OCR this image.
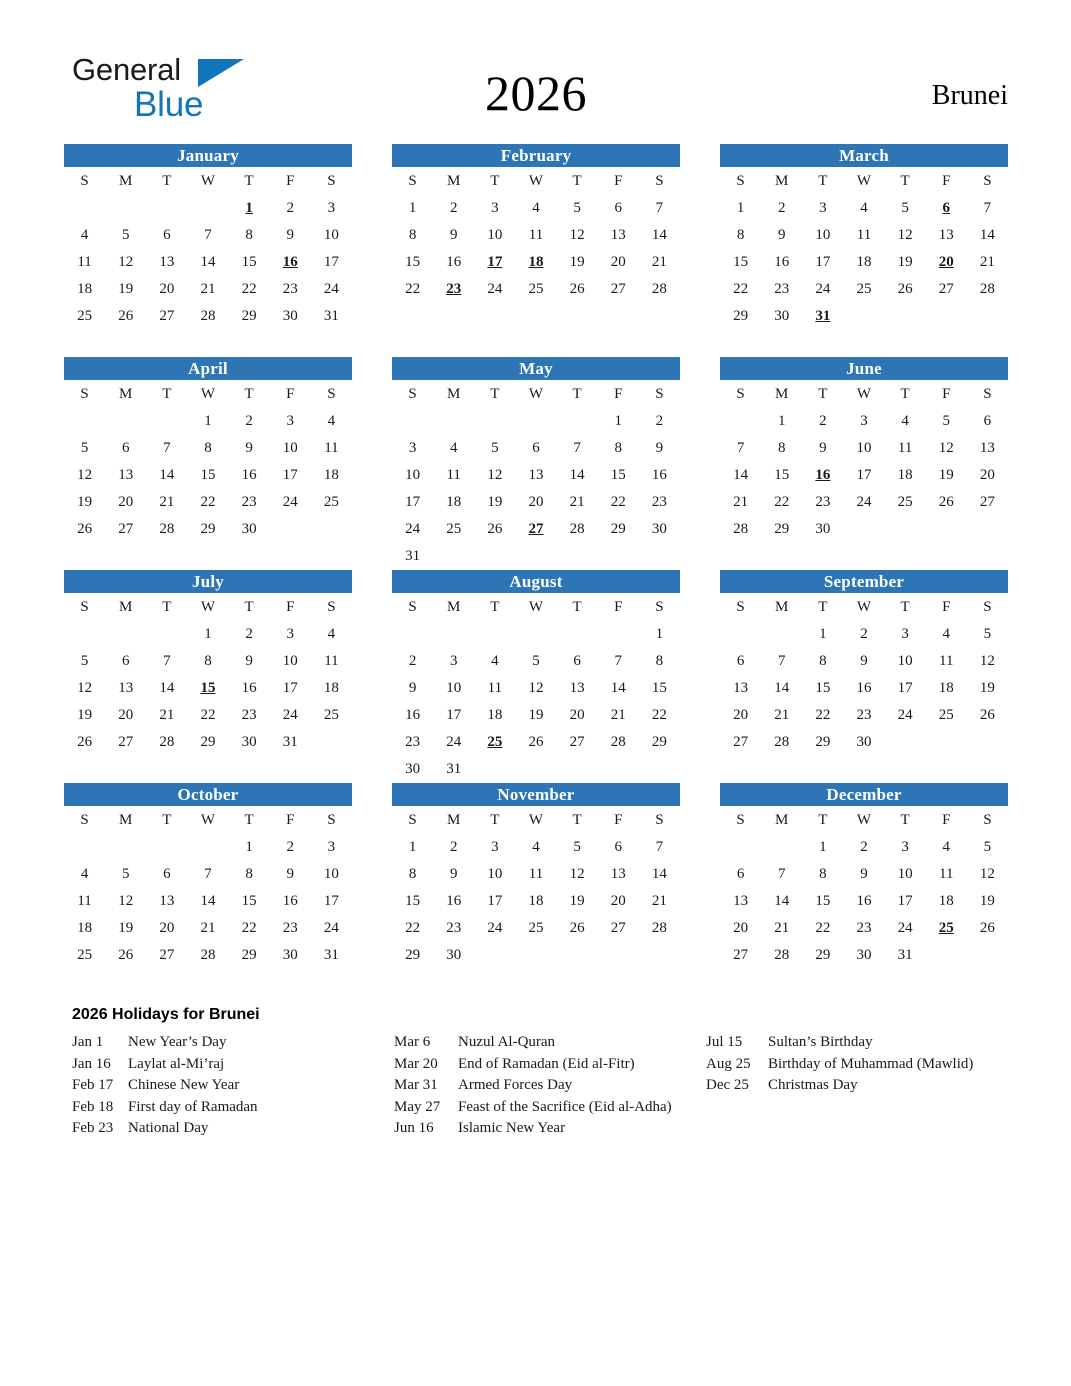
General
Blue	2026	Brunei
January
S	M	T	W	T	F	S
				1	2	3
4	5	6	7	8	9	10
11	12	13	14	15	16	17
18	19	20	21	22	23	24
25	26	27	28	29	30	31

February
S	M	T	W	T	F	S
1	2	3	4	5	6	7
8	9	10	11	12	13	14
15	16	17	18	19	20	21
22	23	24	25	26	27	28

March
S	M	T	W	T	F	S
1	2	3	4	5	6	7
8	9	10	11	12	13	14
15	16	17	18	19	20	21
22	23	24	25	26	27	28
29	30	31				

April
S	M	T	W	T	F	S
			1	2	3	4
5	6	7	8	9	10	11
12	13	14	15	16	17	18
19	20	21	22	23	24	25
26	27	28	29	30		

May
S	M	T	W	T	F	S
					1	2
3	4	5	6	7	8	9
10	11	12	13	14	15	16
17	18	19	20	21	22	23
24	25	26	27	28	29	30
31						
June
S	M	T	W	T	F	S
	1	2	3	4	5	6
7	8	9	10	11	12	13
14	15	16	17	18	19	20
21	22	23	24	25	26	27
28	29	30				

July
S	M	T	W	T	F	S
			1	2	3	4
5	6	7	8	9	10	11
12	13	14	15	16	17	18
19	20	21	22	23	24	25
26	27	28	29	30	31	

August
S	M	T	W	T	F	S
						1
2	3	4	5	6	7	8
9	10	11	12	13	14	15
16	17	18	19	20	21	22
23	24	25	26	27	28	29
30	31					
September
S	M	T	W	T	F	S
		1	2	3	4	5
6	7	8	9	10	11	12
13	14	15	16	17	18	19
20	21	22	23	24	25	26
27	28	29	30			

October
S	M	T	W	T	F	S
				1	2	3
4	5	6	7	8	9	10
11	12	13	14	15	16	17
18	19	20	21	22	23	24
25	26	27	28	29	30	31

November
S	M	T	W	T	F	S
1	2	3	4	5	6	7
8	9	10	11	12	13	14
15	16	17	18	19	20	21
22	23	24	25	26	27	28
29	30					

December
S	M	T	W	T	F	S
		1	2	3	4	5
6	7	8	9	10	11	12
13	14	15	16	17	18	19
20	21	22	23	24	25	26
27	28	29	30	31		

2026 Holidays for Brunei
Jan 1 New Year’s Day
Jan 16 Laylat al-Mi’raj
Feb 17 Chinese New Year
Feb 18 First day of Ramadan
Feb 23 National Day
Mar 6 Nuzul Al-Quran
Mar 20 End of Ramadan (Eid al-Fitr)
Mar 31 Armed Forces Day
May 27 Feast of the Sacrifice (Eid al-Adha)
Jun 16 Islamic New Year
Jul 15 Sultan’s Birthday
Aug 25 Birthday of Muhammad (Mawlid)
Dec 25 Christmas Day
